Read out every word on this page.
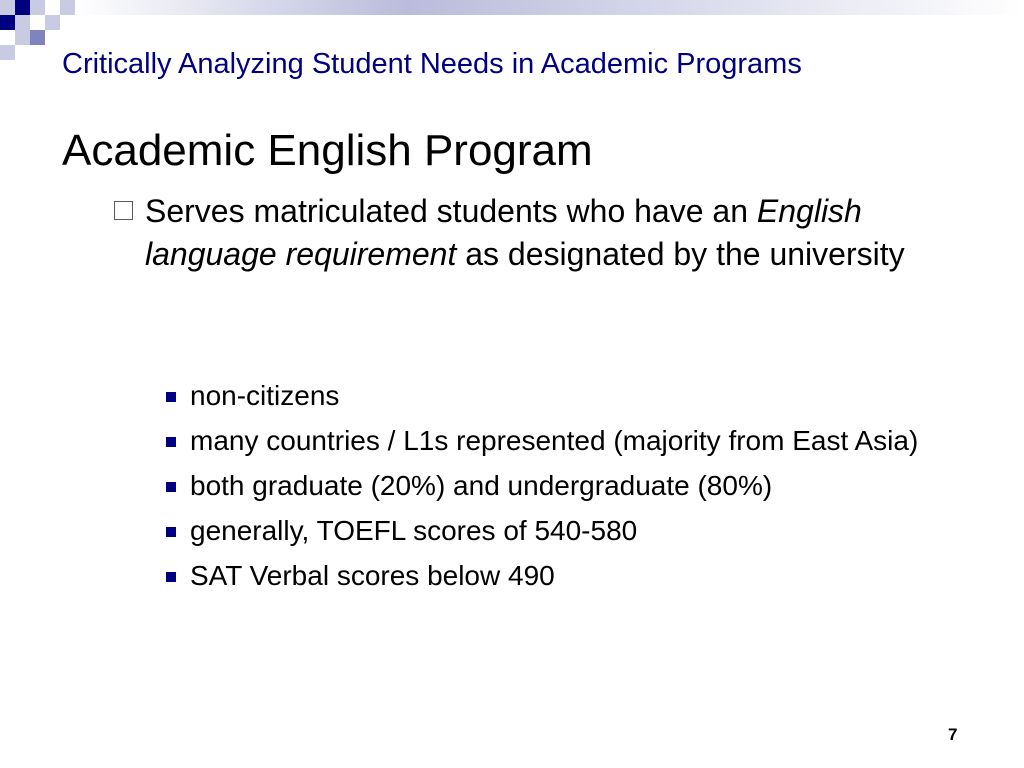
Critically Analyzing Student Needs in Academic Programs
Academic English Program
Serves matriculated students who have an English language requirement as designated by the university
non-citizens
many countries / L1s represented (majority from East Asia)
both graduate (20%) and undergraduate (80%)
generally, TOEFL scores of 540-580
SAT Verbal scores below 490
7
